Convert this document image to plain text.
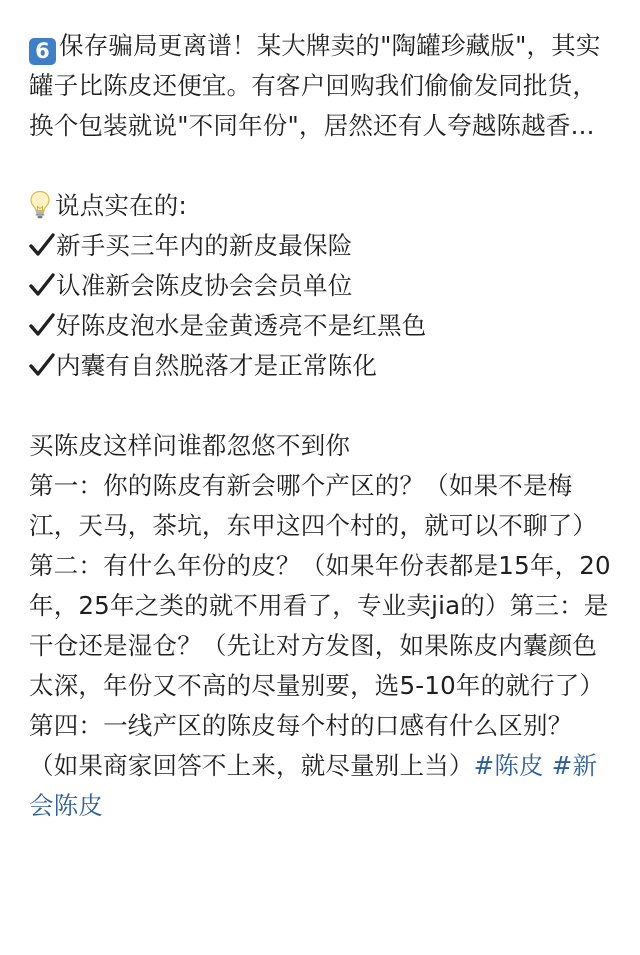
6 保存骗局更离谱！某大牌卖的"陶罐珍藏版"，其实罐子比陈皮还便宜。有客户回购我们偷偷发同批货，换个包装就说"不同年份"，居然还有人夸越陈越香...

说点实在的:

新手买三年内的新皮最保险

认准新会陈皮协会会员单位

好陈皮泡水是金黄透亮不是红黑色

内囊有自然脱落才是正常陈化

买陈皮这样问谁都忽悠不到你

第一：你的陈皮有新会哪个产区的？（如果不是梅江，天马，茶坑，东甲这四个村的，就可以不聊了）

第二：有什么年份的皮？（如果年份表都是15年，20年，25年之类的就不用看了，专业卖jia的）第三：是干仓还是湿仓？（先让对方发图，如果陈皮内囊颜色太深，年份又不高的尽量别要，选5-10年的就行了）

第四：一线产区的陈皮每个村的口感有什么区别？（如果商家回答不上来，就尽量别上当）#陈皮 #新会陈皮
